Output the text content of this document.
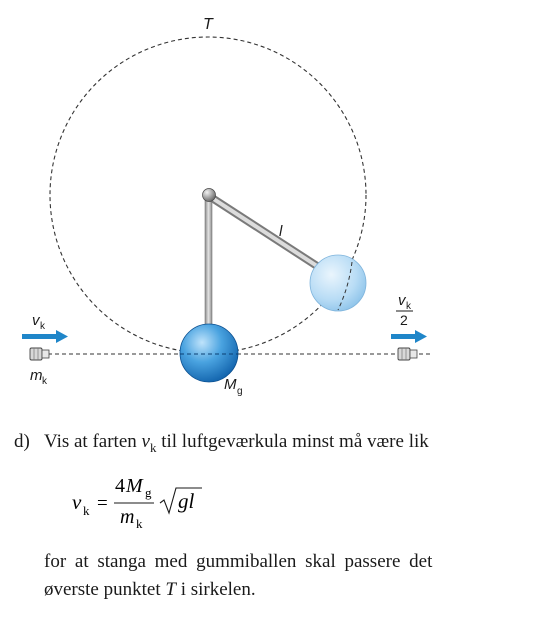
T
l
v k
m k	M g
v k
2
d) Vis at farten $v_k$ til luftgeværkula minst må være lik
v k =
4 M g
m k
gl
for at stanga med gummiballen skal passere det
øverste punktet T i sirkelen.
